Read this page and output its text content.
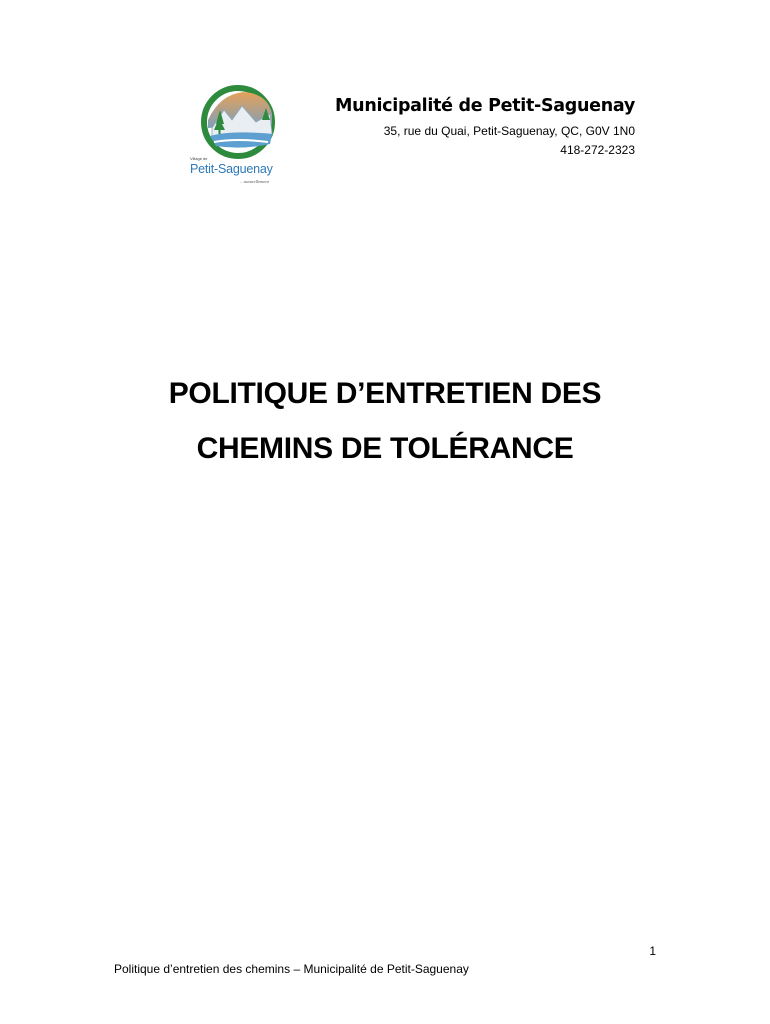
Village de
Petit-Saguenay
…naturellement
Municipalité de Petit-Saguenay
35, rue du Quai, Petit-Saguenay, QC, G0V 1N0
418-272-2323
POLITIQUE D’ENTRETIEN DES
CHEMINS DE TOLÉRANCE
1
Politique d’entretien des chemins – Municipalité de Petit-Saguenay
